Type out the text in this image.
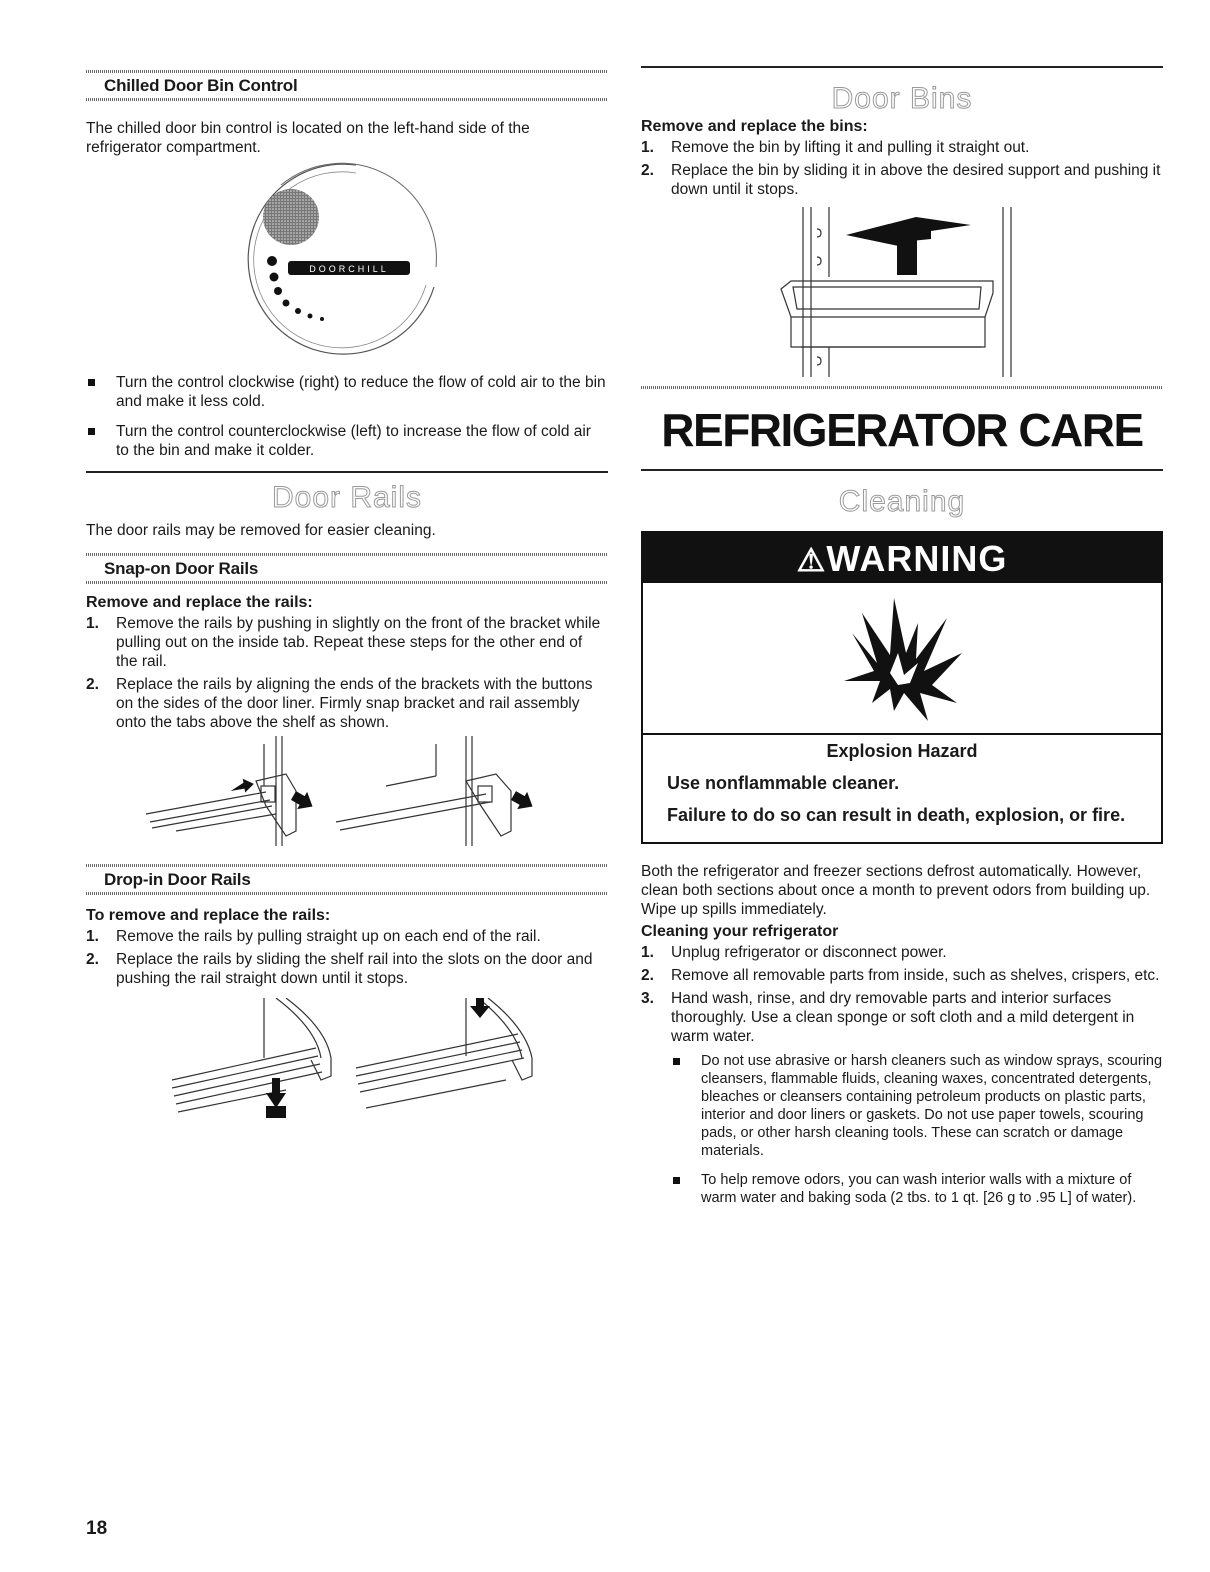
Chilled Door Bin Control

The chilled door bin control is located on the left-hand side of the refrigerator compartment.

DOORCHILL
Turn the control clockwise (right) to reduce the flow of cold air to the bin and make it less cold.
Turn the control counterclockwise (left) to increase the flow of cold air to the bin and make it colder.

Door Rails

The door rails may be removed for easier cleaning.

Snap-on Door Rails

Remove and replace the rails:

1. Remove the rails by pushing in slightly on the front of the bracket while pulling out on the inside tab. Repeat these steps for the other end of the rail.
2. Replace the rails by aligning the ends of the brackets with the buttons on the sides of the door liner. Firmly snap bracket and rail assembly onto the tabs above the shelf as shown.
Drop-in Door Rails

To remove and replace the rails:

1. Remove the rails by pulling straight up on each end of the rail.
2. Replace the rails by sliding the shelf rail into the slots on the door and pushing the rail straight down until it stops.
18

Door Bins

Remove and replace the bins:

1. Remove the bin by lifting it and pulling it straight out.
2. Replace the bin by sliding it in above the desired support and pushing it down until it stops.

REFRIGERATOR CARE

Cleaning

⚠WARNING

Explosion Hazard

Use nonflammable cleaner.

Failure to do so can result in death, explosion, or fire.

Both the refrigerator and freezer sections defrost automatically. However, clean both sections about once a month to prevent odors from building up. Wipe up spills immediately.

Cleaning your refrigerator

1. Unplug refrigerator or disconnect power.
2. Remove all removable parts from inside, such as shelves, crispers, etc.
3. Hand wash, rinse, and dry removable parts and interior surfaces thoroughly. Use a clean sponge or soft cloth and a mild detergent in warm water.
Do not use abrasive or harsh cleaners such as window sprays, scouring cleansers, flammable fluids, cleaning waxes, concentrated detergents, bleaches or cleansers containing petroleum products on plastic parts, interior and door liners or gaskets. Do not use paper towels, scouring pads, or other harsh cleaning tools. These can scratch or damage materials.
To help remove odors, you can wash interior walls with a mixture of warm water and baking soda (2 tbs. to 1 qt. [26 g to .95 L] of water).
